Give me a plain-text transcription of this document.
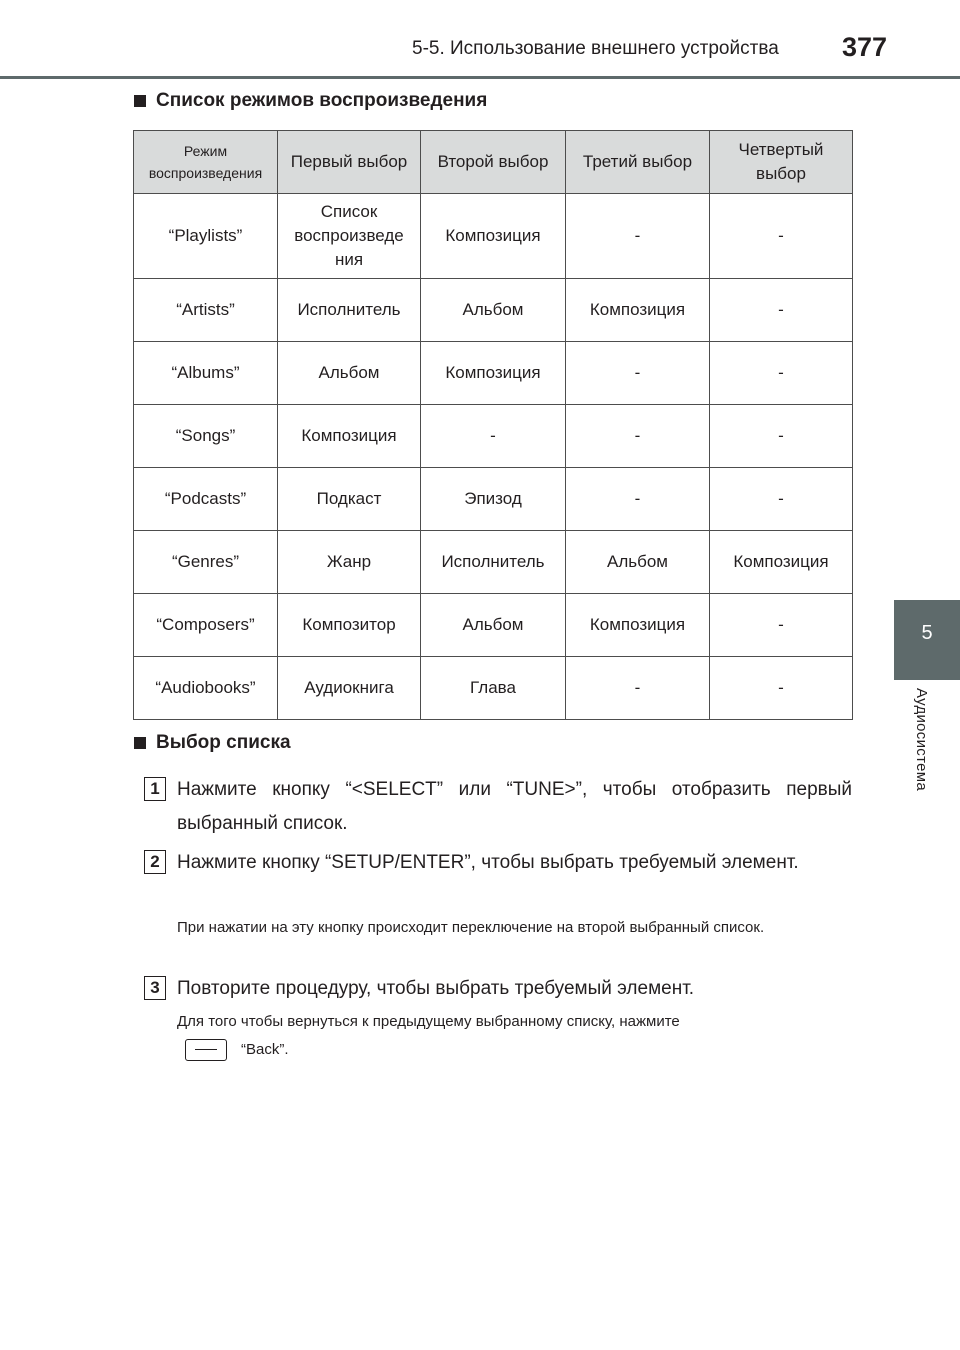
5-5. Использование внешнего устройства 377
5
Аудиосистема
Список режимов воспроизведения
Режим воспроизведения	Первый выбор	Второй выбор	Третий выбор	Четвертый выбор
“Playlists”	Список воспроизведе ния	Композиция	-	-
“Artists”	Исполнитель	Альбом	Композиция	-
“Albums”	Альбом	Композиция	-	-
“Songs”	Композиция	-	-	-
“Podcasts”	Подкаст	Эпизод	-	-
“Genres”	Жанр	Исполнитель	Альбом	Композиция
“Composers”	Композитор	Альбом	Композиция	-
“Audiobooks”	Аудиокнига	Глава	-	-
Выбор списка
1 Нажмите кнопку “<SELECT” или “TUNE>”, чтобы отобразить первый выбранный список.
2 Нажмите кнопку “SETUP/ENTER”, чтобы выбрать требуемый элемент.
При нажатии на эту кнопку происходит переключение на второй выбранный список.
3 Повторите процедуру, чтобы выбрать требуемый элемент.
Для того чтобы вернуться к предыдущему выбранному списку, нажмите
“Back”.
